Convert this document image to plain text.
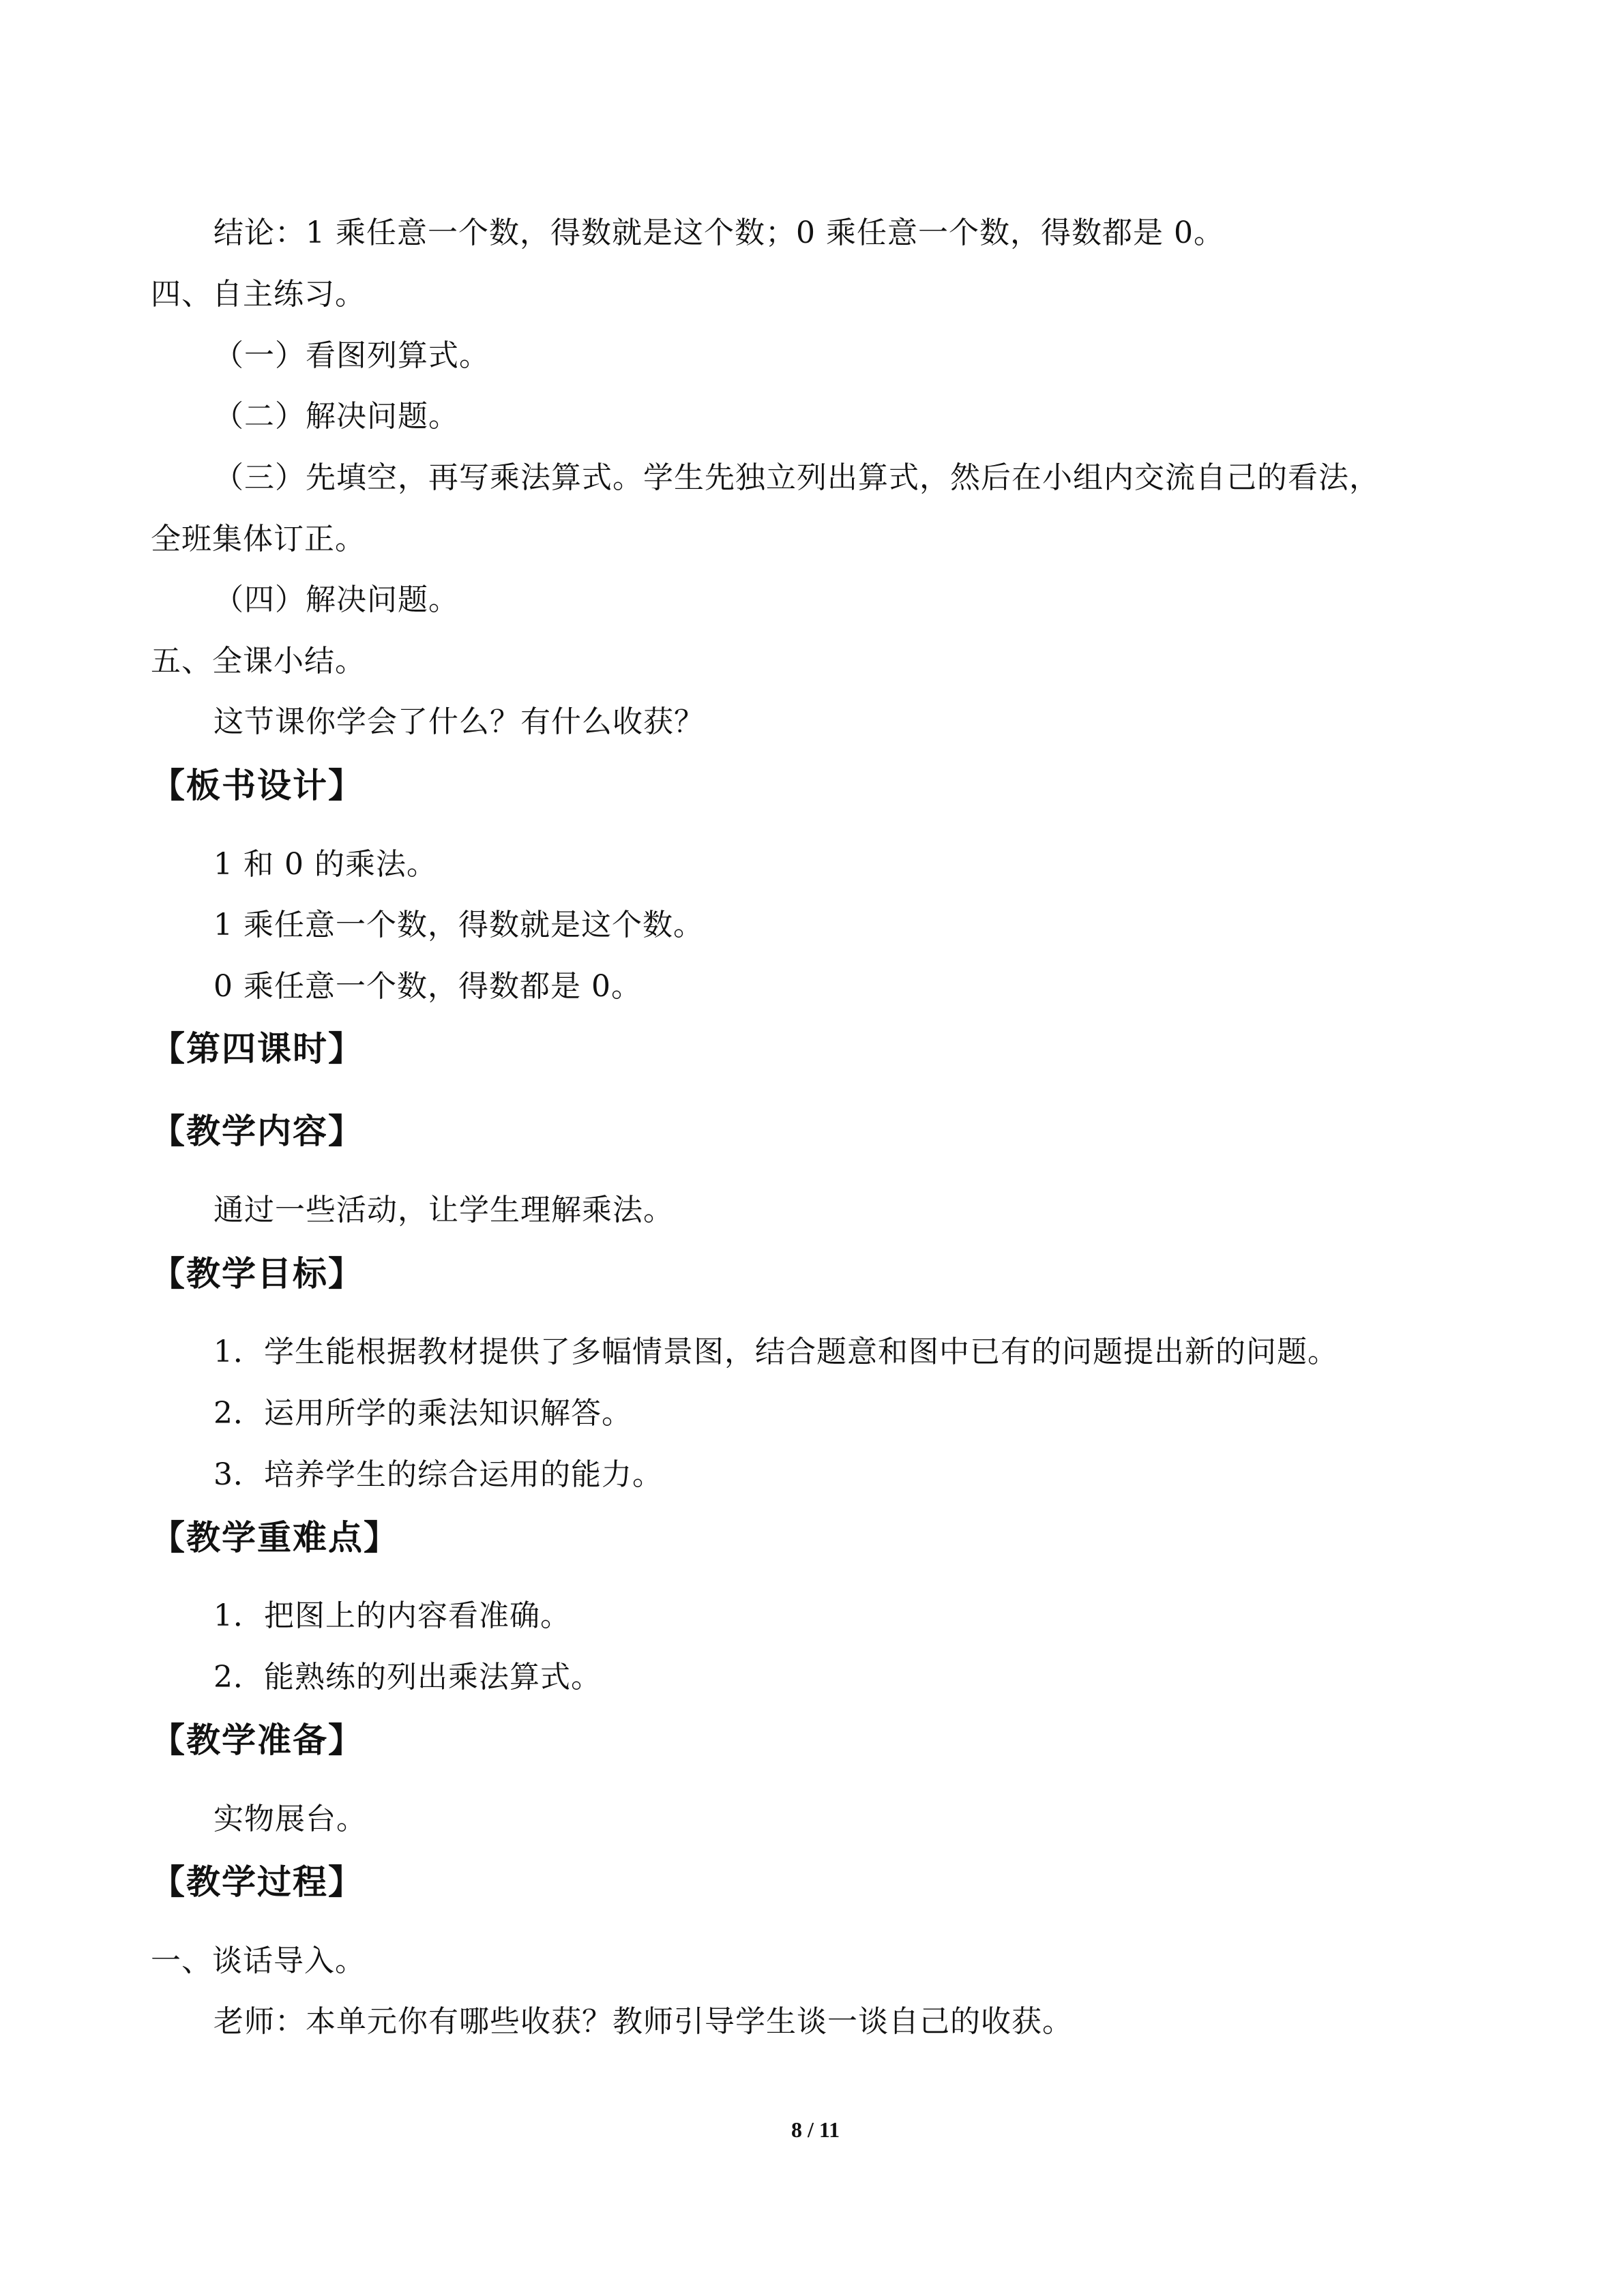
结论：1 乘任意一个数，得数就是这个数；0 乘任意一个数，得数都是 0。
四、自主练习。
（一）看图列算式。
（二）解决问题。
（三）先填空，再写乘法算式。学生先独立列出算式，然后在小组内交流自己的看法，
全班集体订正。
（四）解决问题。
五、全课小结。
这节课你学会了什么？有什么收获？
【板书设计】
1 和 0 的乘法。
1 乘任意一个数，得数就是这个数。
0 乘任意一个数，得数都是 0。
【第四课时】
【教学内容】
通过一些活动，让学生理解乘法。
【教学目标】
1．学生能根据教材提供了多幅情景图，结合题意和图中已有的问题提出新的问题。
2．运用所学的乘法知识解答。
3．培养学生的综合运用的能力。
【教学重难点】
1．把图上的内容看准确。
2．能熟练的列出乘法算式。
【教学准备】
实物展台。
【教学过程】
一、谈话导入。
老师：本单元你有哪些收获？教师引导学生谈一谈自己的收获。
8 / 11
